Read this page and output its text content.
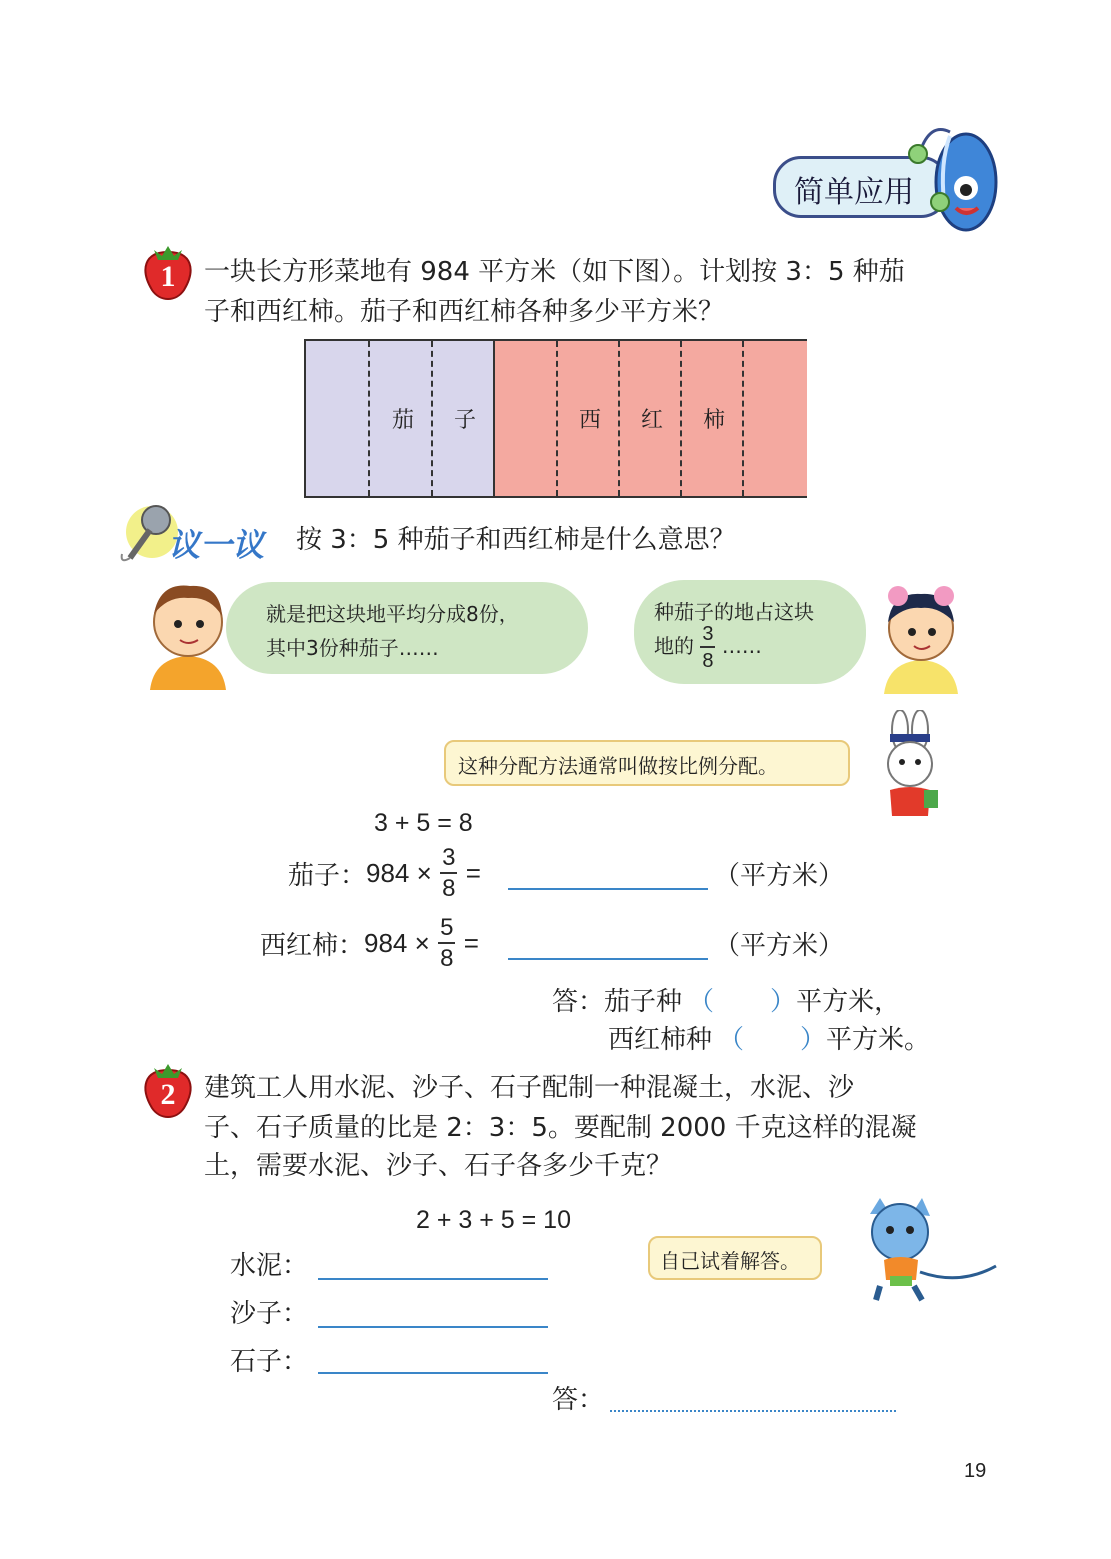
简单应用
1 一块长方形菜地有 984 平方米（如下图）。计划按 3：5 种茄
子和西红柿。茄子和西红柿各种多少平方米？
茄 子	西 红 柿
议一议 按 3：5 种茄子和西红柿是什么意思？
就是把这块地平均分成8份，
其中3份种茄子……
种茄子的地占这块
地的 $\frac{3}{8}$ ……
这种分配方法通常叫做按比例分配。
3 + 5 = 8
茄子：$984 \times \frac{3}{8}$ =	（平方米）
西红柿：$984 \times \frac{5}{8}$ =	（平方米）
答：茄子种 （ ）平方米，
西红柿种 （ ）平方米。
2 建筑工人用水泥、沙子、石子配制一种混凝土，水泥、沙
子、石子质量的比是 2：3：5。要配制 2000 千克这样的混凝
土，需要水泥、沙子、石子各多少千克？
2 + 3 + 5 = 10
水泥：
沙子：
石子：
答：
自己试着解答。
19
